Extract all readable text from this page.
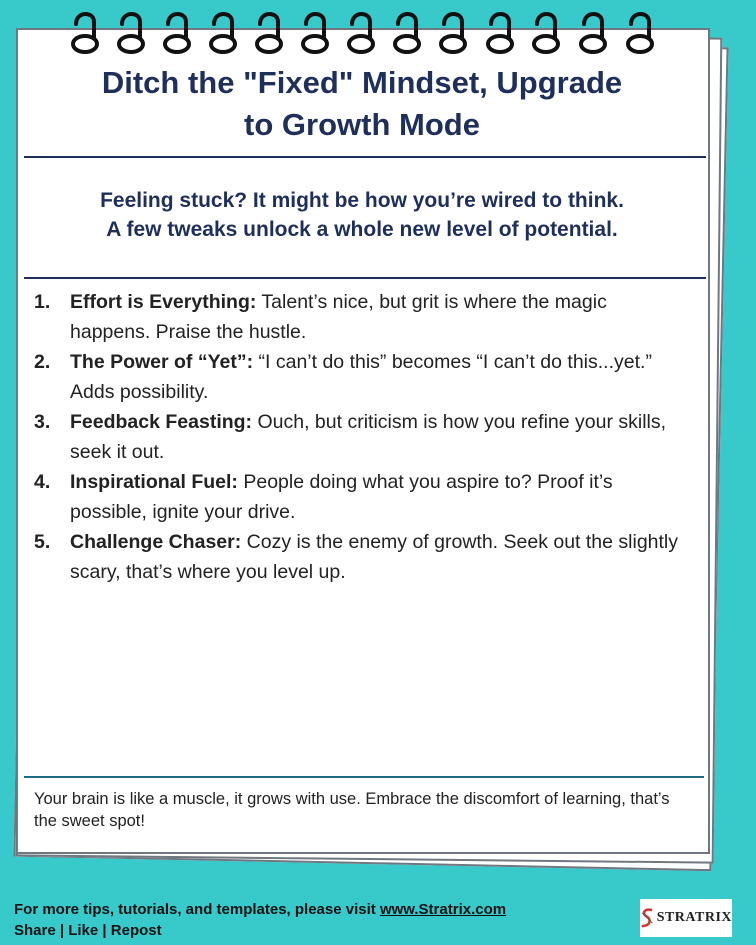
Ditch the "Fixed" Mindset, Upgrade
to Growth Mode
Feeling stuck? It might be how you’re wired to think.
A few tweaks unlock a whole new level of potential.
1. Effort is Everything: Talent’s nice, but grit is where the magic happens. Praise the hustle.
2. The Power of “Yet”: “I can’t do this” becomes “I can’t do this...yet.” Adds possibility.
3. Feedback Feasting: Ouch, but criticism is how you refine your skills, seek it out.
4. Inspirational Fuel: People doing what you aspire to? Proof it’s possible, ignite your drive.
5. Challenge Chaser: Cozy is the enemy of growth. Seek out the slightly scary, that’s where you level up.
Your brain is like a muscle, it grows with use. Embrace the discomfort of learning, that’s the sweet spot!
For more tips, tutorials, and templates, please visit www.Stratrix.com
Share | Like | Repost
STRATRIX
